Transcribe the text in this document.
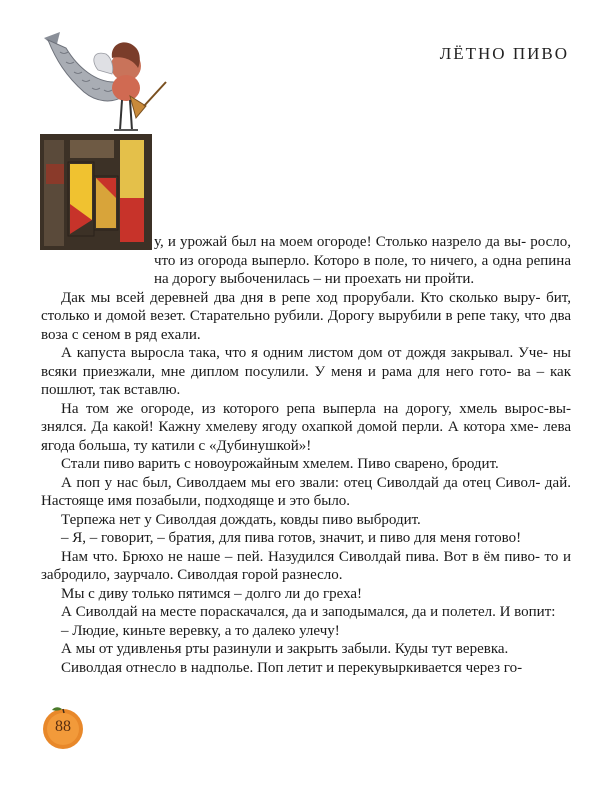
ЛЁТНО ПИВО

у, и урожай был на моем огороде! Столько назрело да вы- росло, что из огорода выперло. Которо в поле, то ничего, а одна репина на дорогу выбоченилась – ни проехать ни пройти.

Дак мы всей деревней два дня в репе ход прорубали. Кто сколько выру- бит, столько и домой везет. Старательно рубили. Дорогу вырубили в репе таку, что два воза с сеном в ряд ехали.

А капуста выросла така, что я одним листом дом от дождя закрывал. Уче- ны всяки приезжали, мне диплом посулили. У меня и рама для него гото- ва – как пошлют, так вставлю.

На том же огороде, из которого репа выперла на дорогу, хмель вырос-вы- знялся. Да какой! Кажну хмелеву ягоду охапкой домой перли. А котора хме- лева ягода больша, ту катили с «Дубинушкой»!

Стали пиво варить с новоурожайным хмелем. Пиво сварено, бродит.

А поп у нас был, Сиволдаем мы его звали: отец Сиволдай да отец Сивол- дай. Настояще имя позабыли, подходяще и это было.

Терпежа нет у Сиволдая дождать, ковды пиво выбродит.

– Я, – говорит, – братия, для пива готов, значит, и пиво для меня готово!

Нам что. Брюхо не наше – пей. Назудился Сиволдай пива. Вот в ём пиво- то и забродило, заурчало. Сиволдая горой разнесло.

Мы с диву только пятимся – долго ли до греха!

А Сиволдай на месте пораскачался, да и заподымался, да и полетел. И вопит:

– Людие, киньте веревку, а то далеко улечу!

А мы от удивленья рты разинули и закрыть забыли. Куды тут веревка.

Сиволдая отнесло в надполье. Поп летит и перекувыркивается через го-

88
